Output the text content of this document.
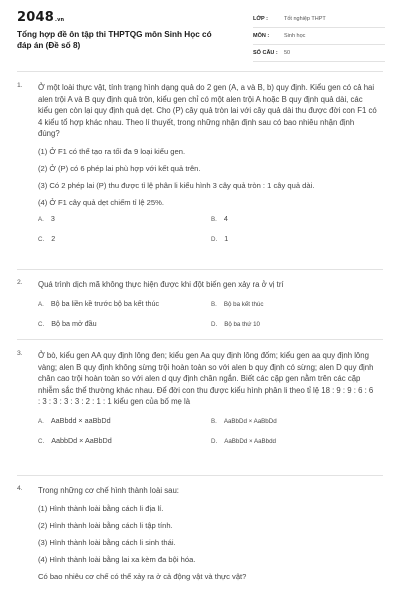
2048.vn
Tổng hợp đề ôn tập thi THPTQG môn Sinh Học có đáp án (Đề số 8)
LỚP :	Tốt nghiệp THPT
MÔN :	Sinh học
SỐ CÂU : 50
1. Ở một loài thực vật, tính trạng hình dạng quả do 2 gen (A, a và B, b) quy định. Kiểu gen có cả hai alen trội A và B quy định quả tròn, kiểu gen chỉ có một alen trội A hoặc B quy định quả dài, các kiểu gen còn lại quy định quả dẹt. Cho (P) cây quả tròn lai với cây quả dài thu được đời con F1 có 4 kiểu tổ hợp khác nhau. Theo lí thuyết, trong những nhận định sau có bao nhiêu nhận định đúng?
(1) Ở F1 có thể tạo ra tối đa 9 loại kiểu gen.
(2) Ở (P) có 6 phép lai phù hợp với kết quả trên.
(3) Có 2 phép lai (P) thu được tỉ lệ phân li kiểu hình 3 cây quả tròn : 1 cây quả dài.
(4) Ở F1 cây quả dẹt chiếm tỉ lệ 25%.
A. 3	B. 4
C. 2	D. 1
2. Quá trình dịch mã không thực hiện được khi đột biến gen xảy ra ở vị trí
A. Bộ ba liền kề trước bộ ba kết thúc	B. Bộ ba kết thúc
C. Bộ ba mở đầu	D. Bộ ba thứ 10
3. Ở bò, kiểu gen AA quy định lông đen; kiểu gen Aa quy định lông đốm; kiểu gen aa quy định lông vàng; alen B quy định không sừng trội hoàn toàn so với alen b quy định có sừng; alen D quy định chân cao trội hoàn toàn so với alen d quy định chân ngắn. Biết các cặp gen nằm trên các cặp nhiễm sắc thể thường khác nhau. Để đời con thu được kiểu hình phân li theo tỉ lệ 18 : 9 : 9 : 6 : 6 : 3 : 3 : 3 : 3 : 2 : 1 : 1 kiểu gen của bố mẹ là
A. AaBbdd × aaBbDd	B. AaBbDd × AaBbDd
C. AabbDd × AaBbDd	D. AaBbDd × AaBbdd
4. Trong những cơ chế hình thành loài sau:
(1) Hình thành loài bằng cách li địa lí.
(2) Hình thành loài bằng cách li tập tính.
(3) Hình thành loài bằng cách li sinh thái.
(4) Hình thành loài bằng lai xa kèm đa bội hóa.
Có bao nhiêu cơ chế có thể xảy ra ở cả động vật và thực vật?
